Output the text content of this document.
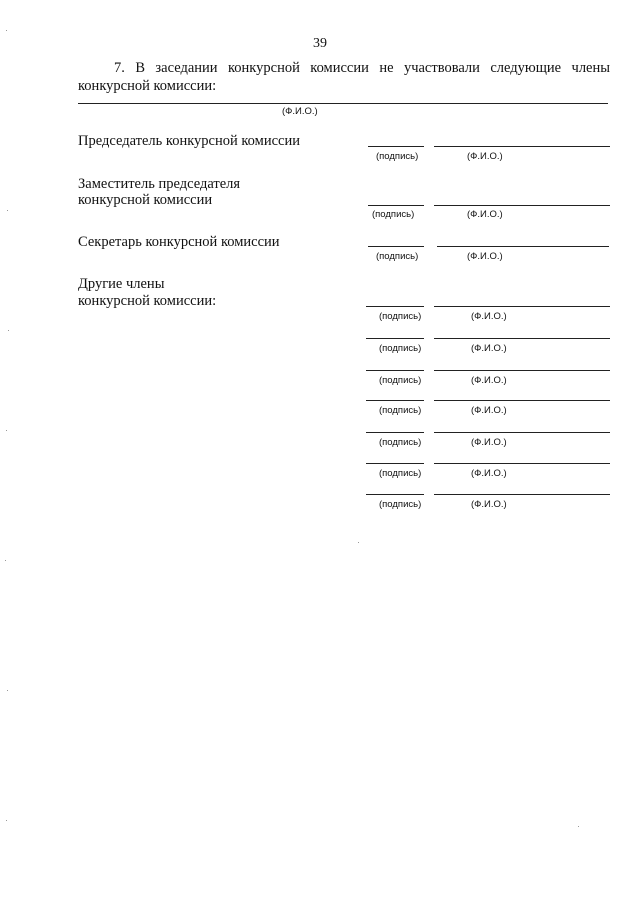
39
7. В заседании конкурсной комиссии не участвовали следующие члены
конкурсной комиссии:
(Ф.И.О.)
Председатель конкурсной комиссии
(подпись)	(Ф.И.О.)
Заместитель председателя
конкурсной комиссии
(подпись)	(Ф.И.О.)
Секретарь конкурсной комиссии
(подпись)	(Ф.И.О.)
Другие члены
конкурсной комиссии:
(подпись)	(Ф.И.О.)
(подпись)	(Ф.И.О.)
(подпись)	(Ф.И.О.)
(подпись)	(Ф.И.О.)
(подпись)	(Ф.И.О.)
(подпись)	(Ф.И.О.)
(подпись)	(Ф.И.О.)
